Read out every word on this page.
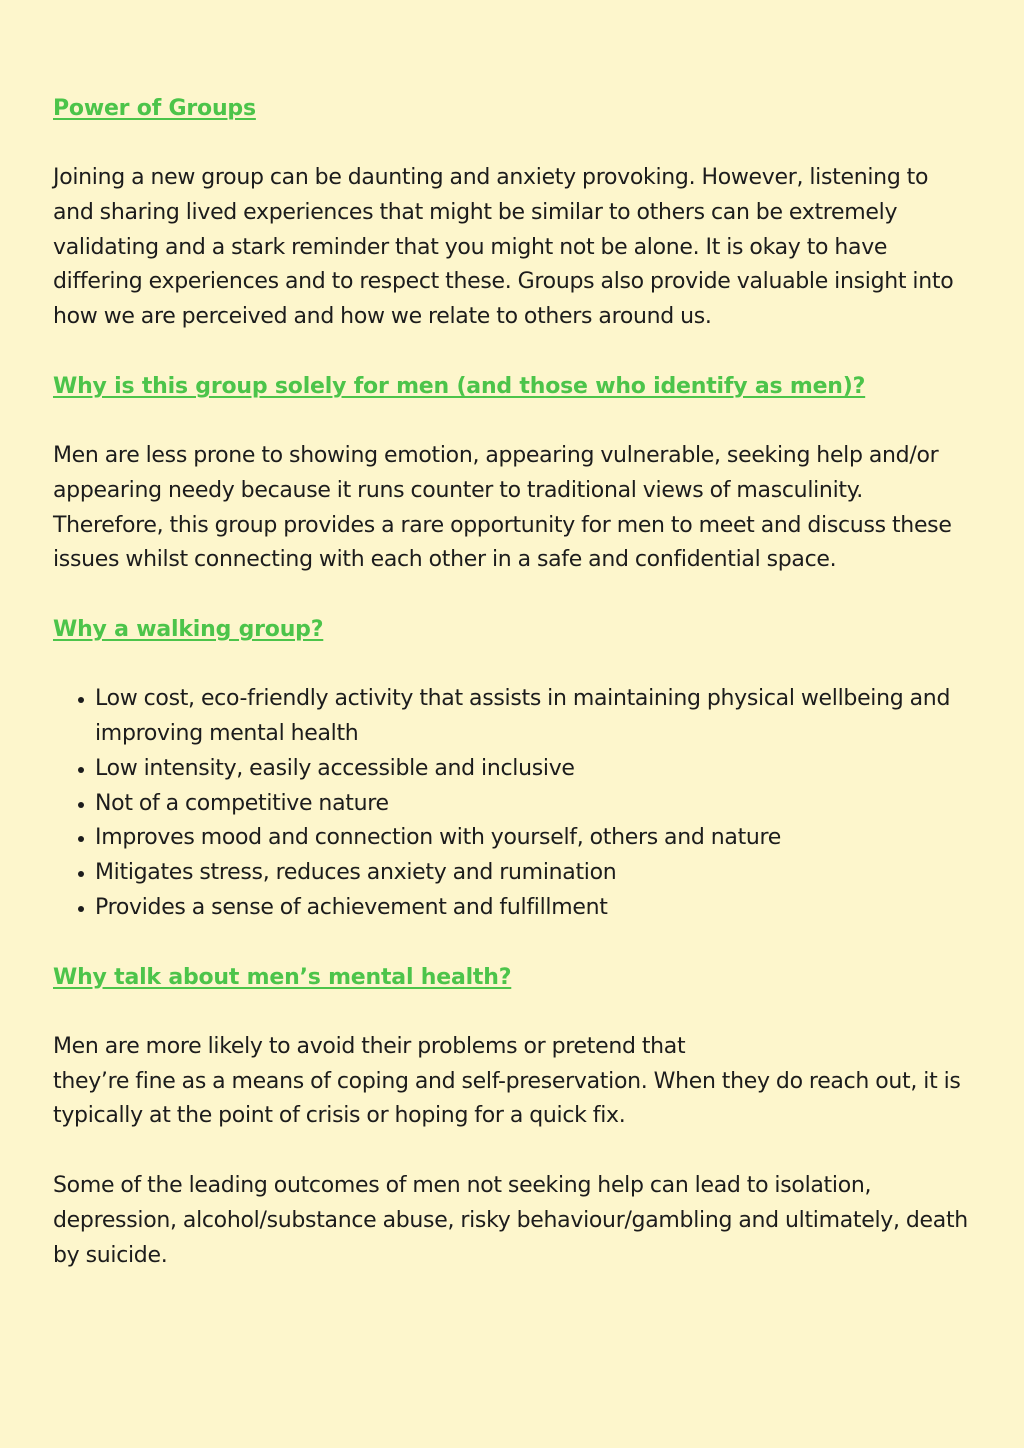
Power of Groups

Joining a new group can be daunting and anxiety provoking. However, listening to and sharing lived experiences that might be similar to others can be extremely validating and a stark reminder that you might not be alone. It is okay to have differing experiences and to respect these. Groups also provide valuable insight into how we are perceived and how we relate to others around us.

Why is this group solely for men (and those who identify as men)?

Men are less prone to showing emotion, appearing vulnerable, seeking help and/or appearing needy because it runs counter to traditional views of masculinity. Therefore, this group provides a rare opportunity for men to meet and discuss these issues whilst connecting with each other in a safe and confidential space.

Why a walking group?
Low cost, eco-friendly activity that assists in maintaining physical wellbeing and improving mental health
Low intensity, easily accessible and inclusive
Not of a competitive nature
Improves mood and connection with yourself, others and nature
Mitigates stress, reduces anxiety and rumination
Provides a sense of achievement and fulfillment
Why talk about men’s mental health?

Men are more likely to avoid their problems or pretend that
they’re fine as a means of coping and self-preservation. When they do reach out, it is typically at the point of crisis or hoping for a quick fix.

Some of the leading outcomes of men not seeking help can lead to isolation, depression, alcohol/substance abuse, risky behaviour/gambling and ultimately, death by suicide.
